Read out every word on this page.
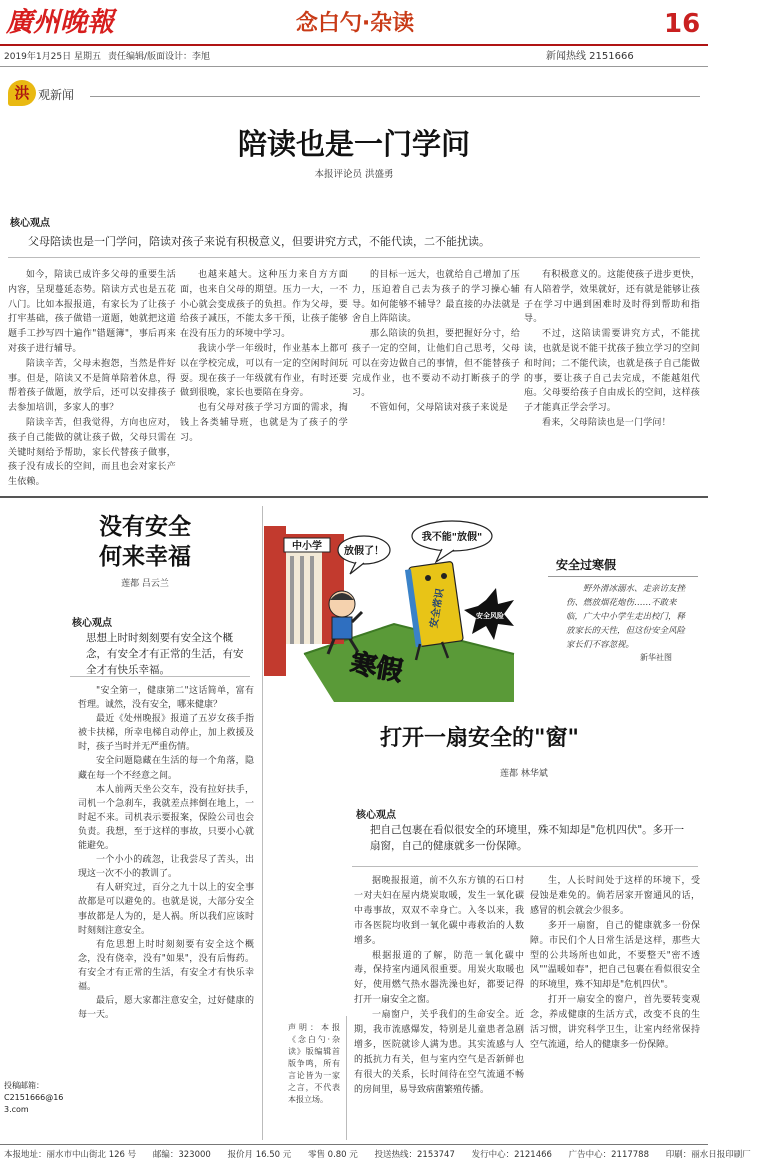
廣州晚報	念白勺·杂读	16
2019年1月25日 星期五 责任编辑/版面设计：李旭	新闻热线 2151666
洪 观新闻
陪读也是一门学问
本报评论员 洪盛勇
核心观点
父母陪读也是一门学问，陪读对孩子来说有积极意义，但要讲究方式，不能代读，二不能扰读。

如今，陪读已成许多父母的重要生活内容，呈现蔓延态势。陪读方式也是五花八门。比如本报报道，有家长为了让孩子打牢基础，孩子做错一道题，她就把这道题手工抄写四十遍作"错题簿"，事后再来对孩子进行辅导。

陪读辛苦，父母未抱怨，当然是件好事。但是，陪读又不是简单陪着休息，得帮着孩子做题，放学后，还可以安排孩子去参加培训，多家人的事？

陪读辛苦，但我觉得，方向也应对，孩子自己能做的就让孩子做，父母只需在关键时刻给予帮助，家长代替孩子做事，孩子没有成长的空间，而且也会对家长产生依赖。

也越来越大。这种压力来自方方面面，也来自父母的期望。压力一大，一不小心就会变成孩子的负担。作为父母，要给孩子减压，不能太多干预，让孩子能够在没有压力的环境中学习。

我读小学一年级时，作业基本上都可以在学校完成，可以有一定的空闲时间玩耍。现在孩子一年级就有作业，有时还要做到很晚，家长也要陪在身旁。

也有父母对孩子学习方面的需求，掏钱上各类辅导班，也就是为了孩子的学习。

的目标一远大，也就给自己增加了压力，压迫着自己去为孩子的学习操心辅导。如何能够不辅导？最直接的办法就是舍自上阵陪读。

那么陪读的负担，要把握好分寸，给孩子一定的空间，让他们自己思考，父母可以在旁边做自己的事情，但不能替孩子完成作业，也不要动不动打断孩子的学习。

不管如何，父母陪读对孩子来说是

有积极意义的。这能使孩子进步更快，有人陪着学，效果就好，还有就是能够让孩子在学习中遇到困难时及时得到帮助和指导。

不过，这陪读需要讲究方式，不能扰读，也就是说不能干扰孩子独立学习的空间和时间；二不能代读，也就是孩子自己能做的事，要让孩子自己去完成，不能越俎代庖。父母要给孩子自由成长的空间，这样孩子才能真正学会学习。

看来，父母陪读也是一门学问！

没有安全
何来幸福
莲都 吕云兰
核心观点
思想上时时刻刻要有安全这个概念，有安全才有正常的生活，有安全才有快乐幸福。

"安全第一，健康第二"这话简单，富有哲理。诚然，没有安全，哪来健康？

最近《处州晚报》报道了五岁女孩手指被卡扶梯，所幸电梯自动停止，加上救援及时，孩子当时并无严重伤情。

安全问题隐藏在生活的每一个角落，隐藏在每一个不经意之间。

本人前两天坐公交车，没有拉好扶手，司机一个急刹车，我就差点摔倒在地上，一时起不来。司机表示要报案，保险公司也会负责。我想，至于这样的事故，只要小心就能避免。

一个小小的疏忽，让我尝尽了苦头，出现这一次不小的教训了。

有人研究过，百分之九十以上的安全事故都是可以避免的。也就是说，大部分安全事故都是人为的，是人祸。所以我们应该时时刻刻注意安全。

有危思想上时时刻刻要有安全这个概念，没有侥幸，没有"如果"，没有后悔药。有安全才有正常的生活，有安全才有快乐幸福。

最后，愿大家都注意安全，过好健康的每一天。

投稿邮箱：
C2151666@163.com
中小学 放假了！
我不能"放假"
安全常识	安全风险
寒假
安全过寒假
野外滑冰溺水、走亲访友挫伤、燃放烟花炮伤……不敢来临，广大中小学生走出校门，释放家长的天性，但这份安全风险家长们不容忽视。
新华社图
打开一扇安全的"窗"
莲都 林华斌
核心观点
把自己包裹在看似很安全的环境里，殊不知却是"危机四伏"。多开一扇窗，自己的健康就多一份保障。

据晚报报道，前不久东方镇的石口村一对夫妇在屋内烧炭取暖，发生一氧化碳中毒事故，双双不幸身亡。入冬以来，我市各医院均收到一氧化碳中毒救治的人数增多。

根据报道的了解，防范一氧化碳中毒，保持室内通风很重要。用炭火取暖也好，使用燃气热水器洗澡也好，都要记得打开一扇安全之窗。

一扇窗户，关乎我们的生命安全。近期，我市流感爆发，特别是儿童患者急剧增多，医院就诊人满为患。其实流感与人的抵抗力有关，但与室内空气是否新鲜也有很大的关系，长时间待在空气流通不畅的房间里，易导致病菌繁殖传播。

生，人长时间处于这样的环境下，受侵蚀是难免的。倘若居家开窗通风的话，感冒的机会就会少很多。

多开一扇窗，自己的健康就多一份保障。市民们个人日常生活是这样，那些大型的公共场所也如此，不要整天"密不透风""温暖如春"，把自己包裹在看似很安全的环境里，殊不知却是"危机四伏"。

打开一扇安全的窗户，首先要转变观念，养成健康的生活方式，改变不良的生活习惯，讲究科学卫生，让室内经常保持空气流通，给人的健康多一份保障。

声明：本报《念白勺·杂读》版编辑首版争鸣，所有言论皆为一家之言，不代表本报立场。
本报地址：丽水市中山街北 126 号 邮编：323000 报价月 16.50 元 零售 0.80 元 投送热线：2153747 发行中心：2121466 广告中心：2117788 印刷：丽水日报印刷厂
